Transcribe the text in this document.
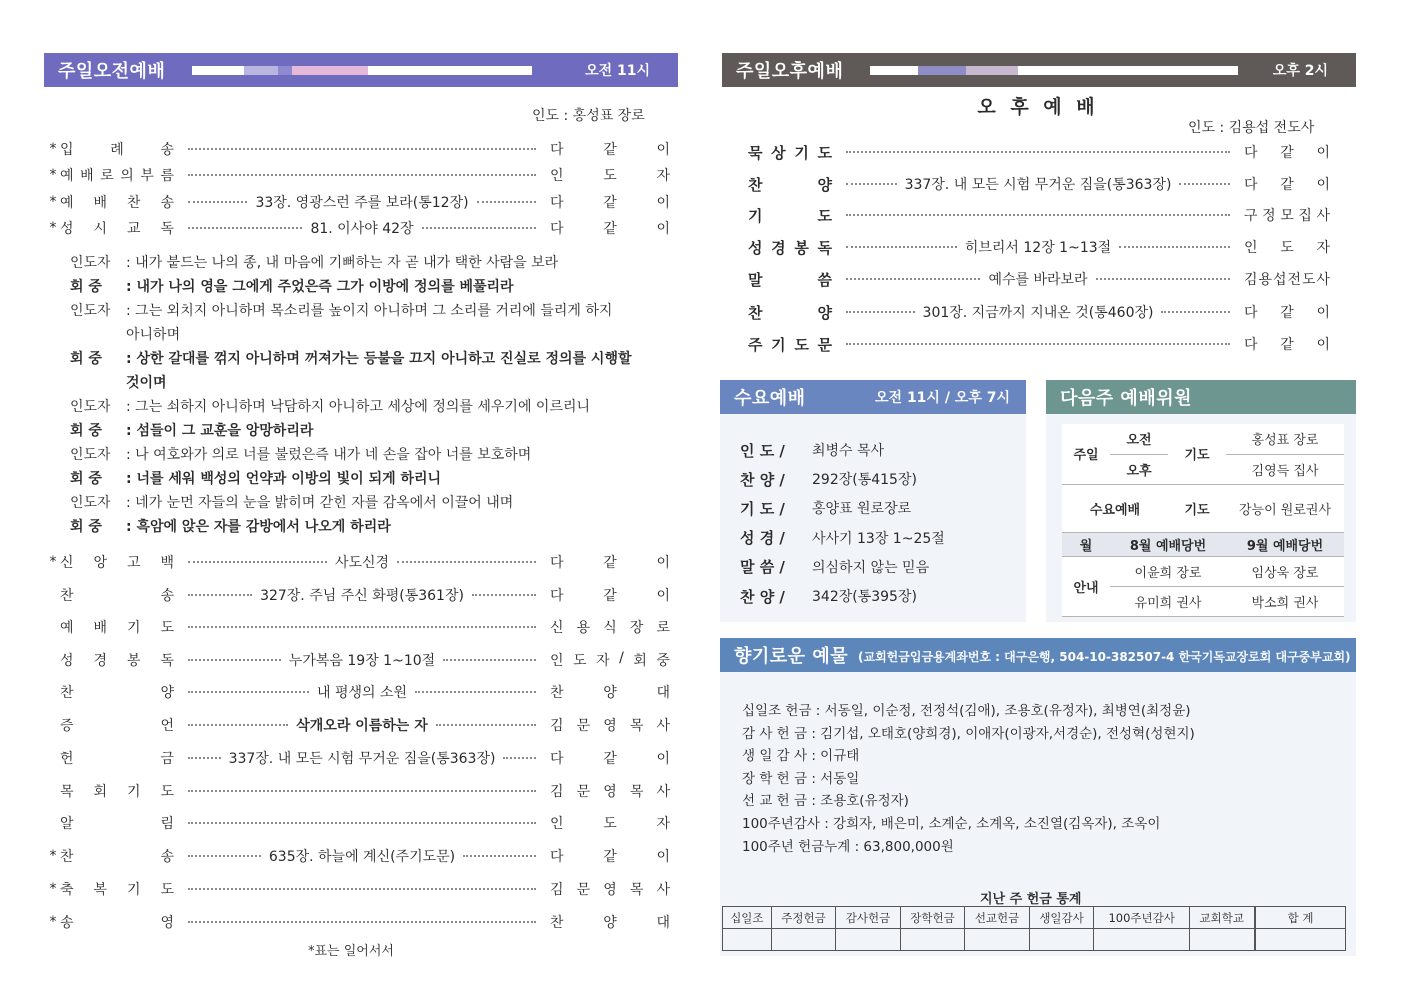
주일오전예배	오전 11시
인도 : 홍성표 장로
* 입	례	송	다	같	이
* 예 배 로 의 부 름	인	도	자
* 예 배 찬 송	33장. 영광스런 주를 보라(통12장)	다	같	이
* 성 시 교 독	81. 이사야 42장	다	같	이
인도자	: 내가 붙드는 나의 종, 내 마음에 기뻐하는 자 곧 내가 택한 사람을 보라
회 중	: 내가 나의 영을 그에게 주었은즉 그가 이방에 정의를 베풀리라
인도자	: 그는 외치지 아니하며 목소리를 높이지 아니하며 그 소리를 거리에 들리게 하지
아니하며
회 중	: 상한 갈대를 꺾지 아니하며 꺼져가는 등불을 끄지 아니하고 진실로 정의를 시행할
것이며
인도자	: 그는 쇠하지 아니하며 낙담하지 아니하고 세상에 정의를 세우기에 이르리니
회 중	: 섬들이 그 교훈을 앙망하리라
인도자	: 나 여호와가 의로 너를 불렀은즉 내가 네 손을 잡아 너를 보호하며
회 중	: 너를 세워 백성의 언약과 이방의 빛이 되게 하리니
인도자	: 네가 눈먼 자들의 눈을 밝히며 갇힌 자를 감옥에서 이끌어 내며
회 중	: 흑암에 앉은 자를 감방에서 나오게 하리라
* 신 앙 고 백	사도신경	다	같	이
찬	송	327장. 주님 주신 화평(통361장)	다	같	이
예 배 기 도	신 용 식 장 로
성 경 봉 독	누가복음 19장 1~10절	인 도 자 / 회 중
찬	양	내 평생의 소원	찬	양	대
증	언	삭개오라 이름하는 자	김 문 영 목 사
헌	금	337장. 내 모든 시험 무거운 짐을(통363장)	다	같	이
목 회 기 도	김 문 영 목 사
알	림	인	도	자
* 찬	송	635장. 하늘에 계신(주기도문)	다	같	이
* 축 복 기 도	김 문 영 목 사
* 송	영	찬	양	대
*표는 일어서서
주일오후예배	오후 2시
오 후 예 배
인도 : 김용섭 전도사
묵 상 기 도	다 같 이
찬	양	337장. 내 모든 시험 무거운 짐을(통363장)	다 같 이
기	도	구 정 모 집 사
성 경 봉 독	히브리서 12장 1~13절	인 도 자
말	씀	예수를 바라보라	김 용 섭 전 도 사
찬	양	301장. 지금까지 지내온 것(통460장)	다 같 이
주 기 도 문	다 같 이
수요예배	오전 11시 / 오후 7시
인 도 /	최병수 목사
찬 양 /	292장(통415장)
기 도 /	홍양표 원로장로
성 경 /	사사기 13장 1~25절
말 씀 /	의심하지 않는 믿음
찬 양 /	342장(통395장)
다음주 예배위원
주일	오전	기도	홍성표 장로
	오후		김영득 집사
수요예배		기도	강능이 원로권사
월	8월 예배당번		9월 예배당번
안내	이윤희 장로		임상욱 장로
	유미희 권사		박소희 권사
향기로운 예물 (교회헌금입금용계좌번호 : 대구은행, 504-10-382507-4 한국기독교장로회 대구중부교회)
십일조 헌금 : 서동일, 이순정, 전정석(김애), 조용호(유정자), 최병연(최정윤)
감 사 헌 금 : 김기섭, 오태호(양희경), 이애자(이광자,서경순), 전성혁(성현지)
생 일 감 사 : 이규태
장 학 헌 금 : 서동일
선 교 헌 금 : 조용호(유정자)
100주년감사 : 강희자, 배은미, 소계순, 소계옥, 소진열(김옥자), 조옥이
100주년 헌금누계 : 63,800,000원
지난 주 헌금 통계
십일조	주정헌금	감사헌금	장학헌금	선교헌금	생일감사	100주년감사	교회학교		합 계
